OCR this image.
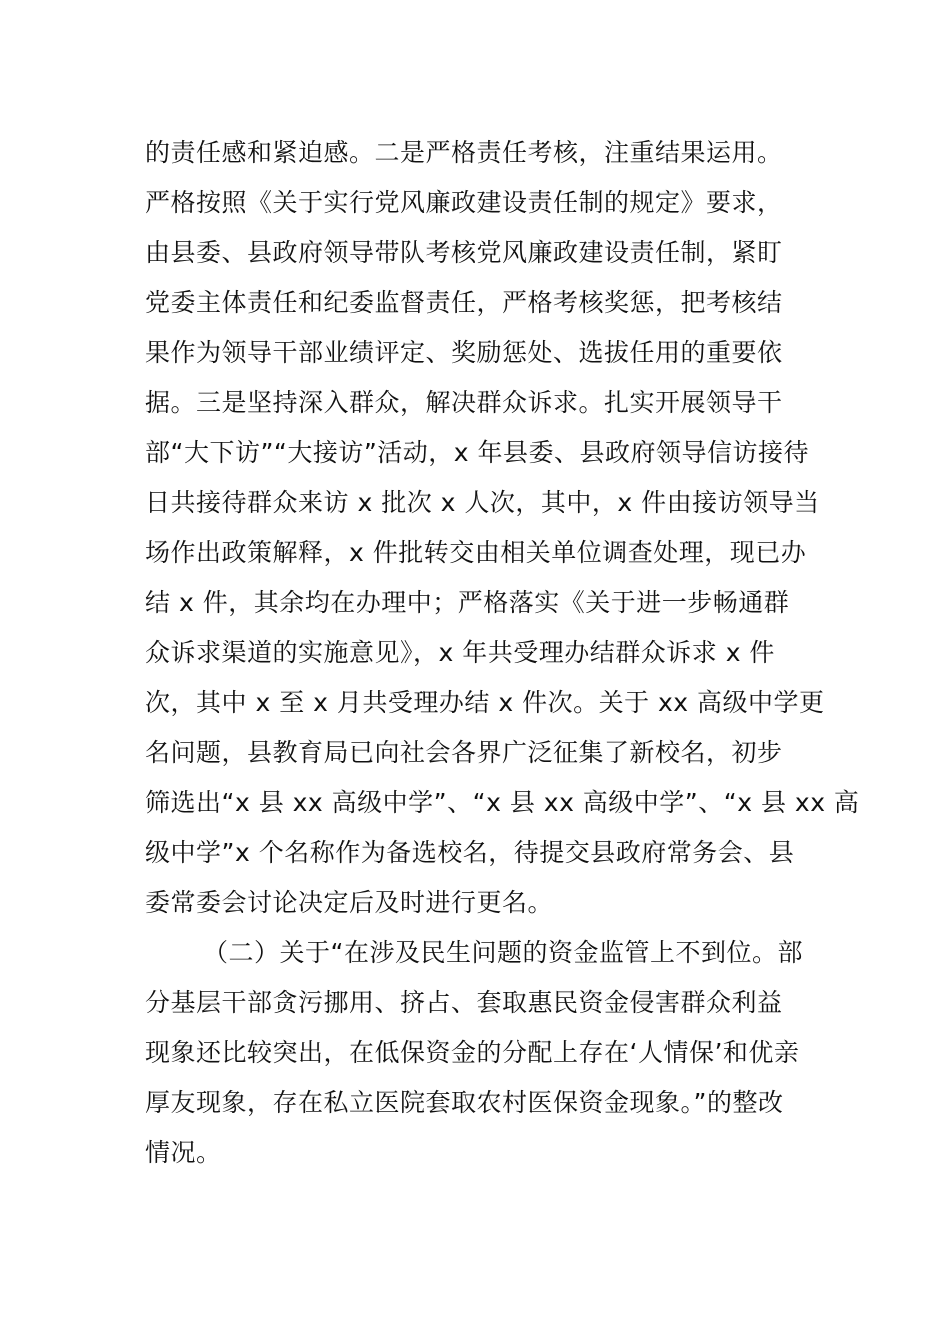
的责任感和紧迫感。二是严格责任考核，注重结果运用。
严格按照《关于实行党风廉政建设责任制的规定》要求，
由县委、县政府领导带队考核党风廉政建设责任制，紧盯
党委主体责任和纪委监督责任，严格考核奖惩，把考核结
果作为领导干部业绩评定、奖励惩处、选拔任用的重要依
据。三是坚持深入群众，解决群众诉求。扎实开展领导干
部“大下访”“大接访”活动，x 年县委、县政府领导信访接待
日共接待群众来访 x 批次 x 人次，其中，x 件由接访领导当
场作出政策解释，x 件批转交由相关单位调查处理，现已办
结 x 件，其余均在办理中；严格落实《关于进一步畅通群
众诉求渠道的实施意见》，x 年共受理办结群众诉求 x 件
次，其中 x 至 x 月共受理办结 x 件次。关于 xx 高级中学更
名问题，县教育局已向社会各界广泛征集了新校名，初步
筛选出“x 县 xx 高级中学”、“x 县 xx 高级中学”、“x 县 xx 高
级中学”x 个名称作为备选校名，待提交县政府常务会、县
委常委会讨论决定后及时进行更名。
（二）关于“在涉及民生问题的资金监管上不到位。部
分基层干部贪污挪用、挤占、套取惠民资金侵害群众利益
现象还比较突出，在低保资金的分配上存在‘人情保’和优亲
厚友现象，存在私立医院套取农村医保资金现象。”的整改
情况。
